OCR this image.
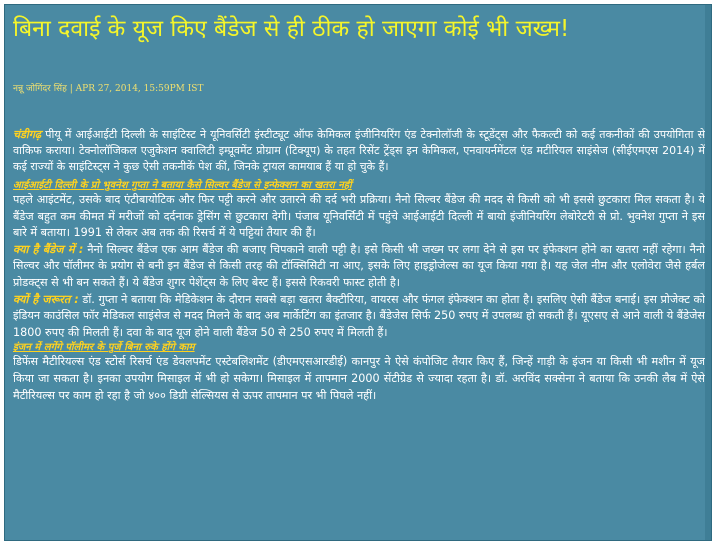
बिना दवाई के यूज किए बैंडेज से ही ठीक हो जाएगा कोई भी जख्म!
नन्नू जोगिंदर सिंह | APR 27, 2014, 15:59PM IST

चंडीगढ़ पीयू में आईआईटी दिल्ली के साइंटिस्ट ने यूनिवर्सिटी इंस्टीट्यूट ऑफ केमिकल इंजीनियरिंग एंड टेक्नोलॉजी के स्टूडेंट्स और फैकल्टी को कई तकनीकों की उपयोगिता से वाकिफ कराया। टेक्नोलॉजिकल एजुकेशन क्वालिटी इम्प्रूवमेंट प्रोग्राम (टिक्यूप) के तहत रिसेंट ट्रेंड्स इन केमिकल, एनवायर्नमेंटल एंड मटीरियल साइंसेज (सीईएमएस 2014) में कई राज्यों के साइंटिस्ट्स ने कुछ ऐसी तकनीकें पेश कीं, जिनके ट्रायल कामयाब हैं या हो चुके हैं।

आईआईटी दिल्ली के प्रो भुवनेश गुप्ता ने बताया कैसे सिल्वर बैंडेज से इन्फेक्शन का खतरा नहीं

पहले आइंटमेंट, उसके बाद एंटीबायोटिक और फिर पट्टी करने और उतारने की दर्द भरी प्रक्रिया। नैनो सिल्वर बैंडेज की मदद से किसी को भी इससे छुटकारा मिल सकता है। ये बैंडेज बहुत कम कीमत में मरीजों को दर्दनाक ड्रेसिंग से छुटकारा देगी। पंजाब यूनिवर्सिटी में पहुंचे आईआईटी दिल्ली में बायो इंजीनियरिंग लेबोरेटरी से प्रो. भुवनेश गुप्ता ने इस बारे में बताया। 1991 से लेकर अब तक की रिसर्च में ये पट्टियां तैयार की हैं।

क्या है बैंडेज में : नैनो सिल्वर बैंडेज एक आम बैंडेज की बजाए चिपकाने वाली पट्टी है। इसे किसी भी जख्म पर लगा देने से इस पर इंफेक्शन होने का खतरा नहीं रहेगा। नैनो सिल्वर और पॉलीमर के प्रयोग से बनी इन बैंडेज से किसी तरह की टॉक्सिसिटी ना आए, इसके लिए हाइड्रोजेल्स का यूज किया गया है। यह जेल नीम और एलोवेरा जैसे हर्बल प्रोडक्ट्स से भी बन सकते हैं। ये बैंडेज शुगर पेशेंट्स के लिए बेस्ट हैं। इससे रिकवरी फास्ट होती है।

क्यों है जरूरत : डॉ. गुप्ता ने बताया कि मेडिकेशन के दौरान सबसे बड़ा खतरा बैक्टीरिया, वायरस और फंगल इंफेक्शन का होता है। इसलिए ऐसी बैंडेज बनाई। इस प्रोजेक्ट को इंडियन काउंसिल फॉर मेडिकल साइंसेज से मदद मिलने के बाद अब मार्केटिंग का इंतजार है। बैंडेजेस सिर्फ 250 रुपए में उपलब्ध हो सकती हैं। यूएसए से आने वाली ये बैंडेजेस 1800 रुपए की मिलती हैं। दवा के बाद यूज होने वाली बैंडेज 50 से 250 रुपए में मिलती हैं।

इंजन में लगेंगे पॉलीमर के पुर्जे बिना रुके होंगे काम

डिफेंस मैटीरियल्स एंड स्टोर्स रिसर्च एंड डेवलपमेंट एस्टेबलिशमेंट (डीएमएसआरडीई) कानपुर ने ऐसे कंपोजिट तैयार किए हैं, जिन्हें गाड़ी के इंजन या किसी भी मशीन में यूज किया जा सकता है। इनका उपयोग मिसाइल में भी हो सकेगा। मिसाइल में तापमान 2000 सेंटीग्रेड से ज्यादा रहता है। डॉ. अरविंद सक्सेना ने बताया कि उनकी लैब में ऐसे मैटीरियल्स पर काम हो रहा है जो ४०० डिग्री सेल्सियस से ऊपर तापमान पर भी पिघले नहीं।
